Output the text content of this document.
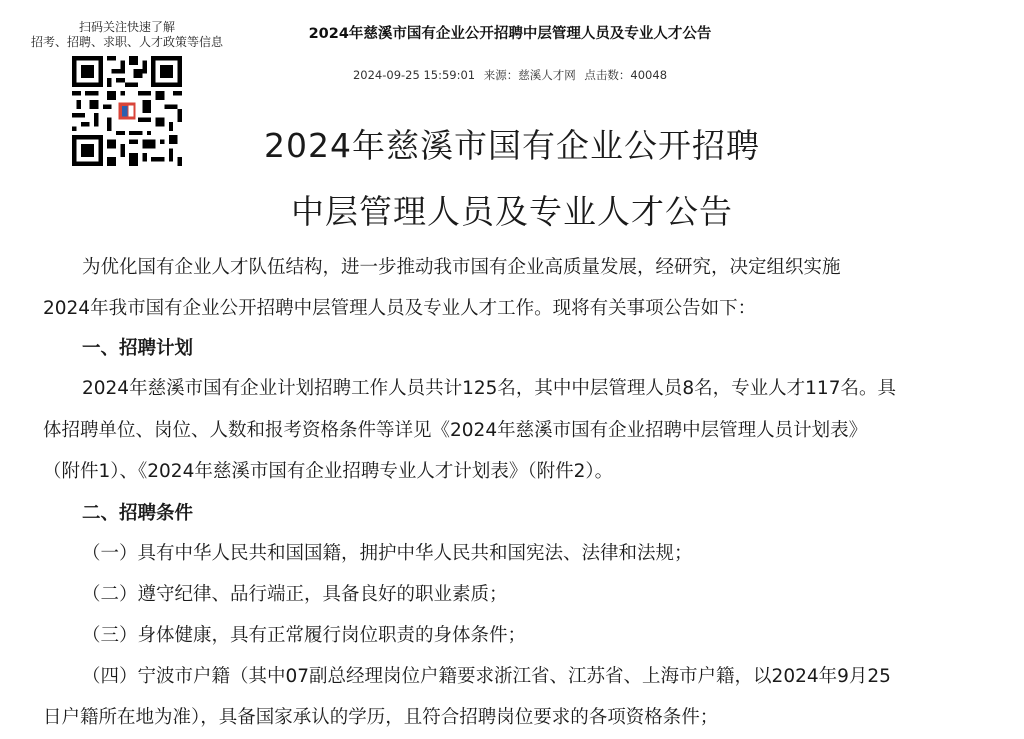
扫码关注快速了解
招考、招聘、求职、人才政策等信息	2024年慈溪市国有企业公开招聘中层管理人员及专业人才公告
2024-09-25 15:59:01 来源：慈溪人才网 点击数：40048
2024年慈溪市国有企业公开招聘
中层管理人员及专业人才公告
为优化国有企业人才队伍结构，进一步推动我市国有企业高质量发展，经研究，决定组织实施
2024年我市国有企业公开招聘中层管理人员及专业人才工作。现将有关事项公告如下：
一、招聘计划
2024年慈溪市国有企业计划招聘工作人员共计125名，其中中层管理人员8名，专业人才117名。具
体招聘单位、岗位、人数和报考资格条件等详见《2024年慈溪市国有企业招聘中层管理人员计划表》
（附件1）、《2024年慈溪市国有企业招聘专业人才计划表》（附件2）。
二、招聘条件
（一）具有中华人民共和国国籍，拥护中华人民共和国宪法、法律和法规；
（二）遵守纪律、品行端正，具备良好的职业素质；
（三）身体健康，具有正常履行岗位职责的身体条件；
（四）宁波市户籍（其中07副总经理岗位户籍要求浙江省、江苏省、上海市户籍，以2024年9月25
日户籍所在地为准），具备国家承认的学历，且符合招聘岗位要求的各项资格条件；
